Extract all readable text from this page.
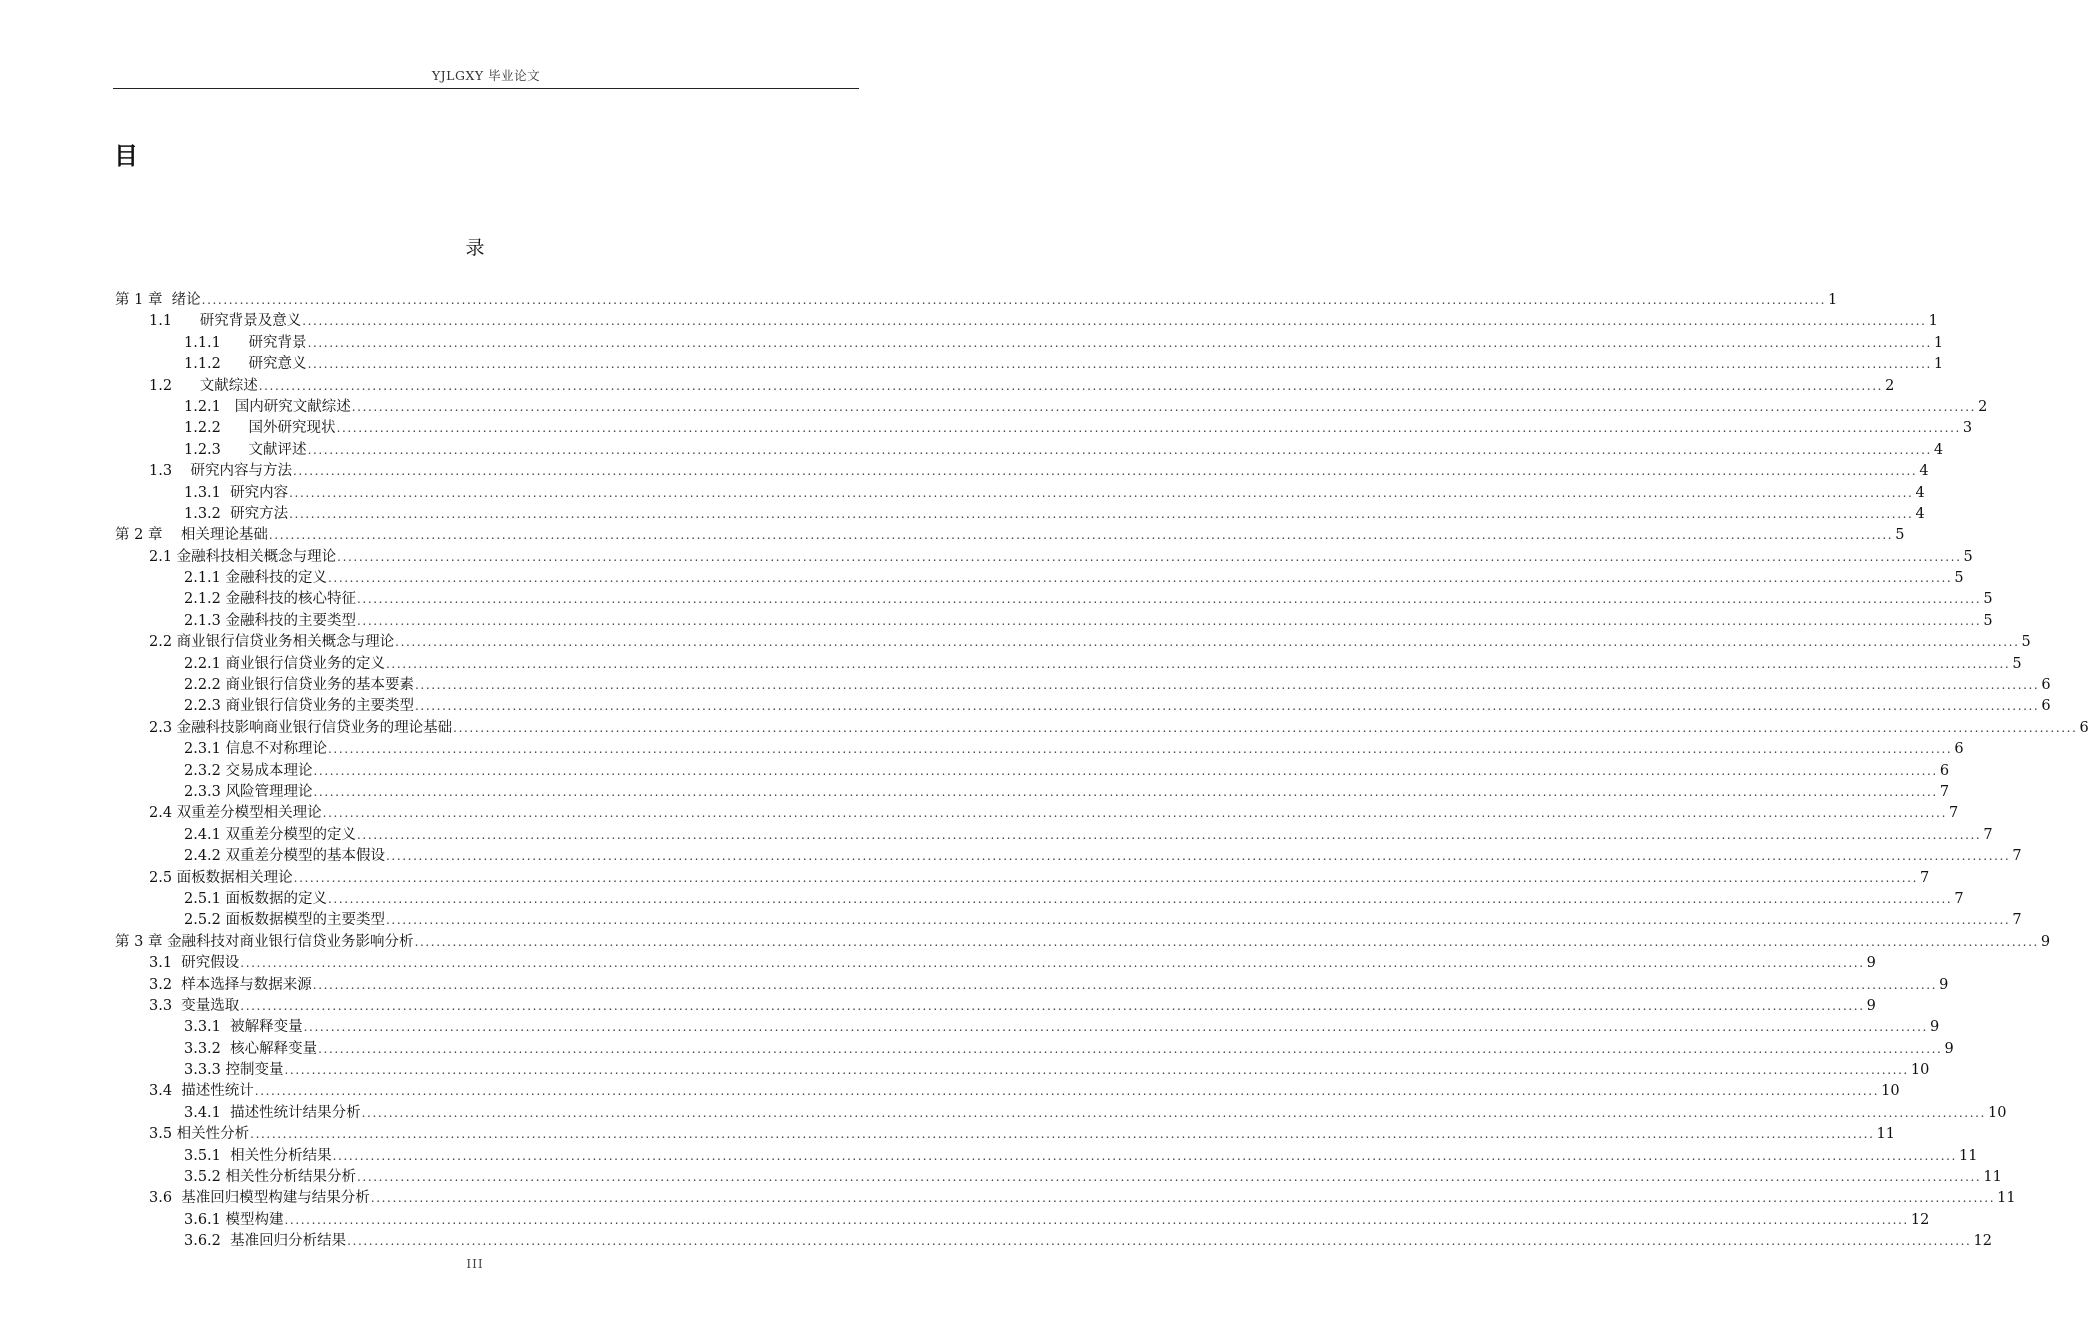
YJLGXY 毕业论文
目
录
第 1 章  绪论 ............................................................................................................................................................................................................................................................................................................ 1
1.1      研究背景及意义 ............................................................................................................................................................................................................................................................................................................ 1
1.1.1      研究背景 ............................................................................................................................................................................................................................................................................................................ 1
1.1.2      研究意义 ............................................................................................................................................................................................................................................................................................................ 1
1.2      文献综述 ............................................................................................................................................................................................................................................................................................................ 2
1.2.1   国内研究文献综述 ............................................................................................................................................................................................................................................................................................................ 2
1.2.2      国外研究现状 ............................................................................................................................................................................................................................................................................................................ 3
1.2.3      文献评述 ............................................................................................................................................................................................................................................................................................................ 4
1.3    研究内容与方法 ............................................................................................................................................................................................................................................................................................................ 4
1.3.1  研究内容 ............................................................................................................................................................................................................................................................................................................ 4
1.3.2  研究方法 ............................................................................................................................................................................................................................................................................................................ 4
第 2 章    相关理论基础 ............................................................................................................................................................................................................................................................................................................ 5
2.1 金融科技相关概念与理论 ............................................................................................................................................................................................................................................................................................................ 5
2.1.1 金融科技的定义 ............................................................................................................................................................................................................................................................................................................ 5
2.1.2 金融科技的核心特征 ............................................................................................................................................................................................................................................................................................................ 5
2.1.3 金融科技的主要类型 ............................................................................................................................................................................................................................................................................................................ 5
2.2 商业银行信贷业务相关概念与理论 ............................................................................................................................................................................................................................................................................................................ 5
2.2.1 商业银行信贷业务的定义 ............................................................................................................................................................................................................................................................................................................ 5
2.2.2 商业银行信贷业务的基本要素 ............................................................................................................................................................................................................................................................................................................ 6
2.2.3 商业银行信贷业务的主要类型 ............................................................................................................................................................................................................................................................................................................ 6
2.3 金融科技影响商业银行信贷业务的理论基础 ............................................................................................................................................................................................................................................................................................................ 6
2.3.1 信息不对称理论 ............................................................................................................................................................................................................................................................................................................ 6
2.3.2 交易成本理论 ............................................................................................................................................................................................................................................................................................................ 6
2.3.3 风险管理理论 ............................................................................................................................................................................................................................................................................................................ 7
2.4 双重差分模型相关理论 ............................................................................................................................................................................................................................................................................................................ 7
2.4.1 双重差分模型的定义 ............................................................................................................................................................................................................................................................................................................ 7
2.4.2 双重差分模型的基本假设 ............................................................................................................................................................................................................................................................................................................ 7
2.5 面板数据相关理论 ............................................................................................................................................................................................................................................................................................................ 7
2.5.1 面板数据的定义 ............................................................................................................................................................................................................................................................................................................ 7
2.5.2 面板数据模型的主要类型 ............................................................................................................................................................................................................................................................................................................ 7
第 3 章 金融科技对商业银行信贷业务影响分析 ............................................................................................................................................................................................................................................................................................................ 9
3.1  研究假设 ............................................................................................................................................................................................................................................................................................................ 9
3.2  样本选择与数据来源 ............................................................................................................................................................................................................................................................................................................ 9
3.3  变量选取 ............................................................................................................................................................................................................................................................................................................ 9
3.3.1  被解释变量 ............................................................................................................................................................................................................................................................................................................ 9
3.3.2  核心解释变量 ............................................................................................................................................................................................................................................................................................................ 9
3.3.3 控制变量 ............................................................................................................................................................................................................................................................................................................ 10
3.4  描述性统计 ............................................................................................................................................................................................................................................................................................................ 10
3.4.1  描述性统计结果分析 ............................................................................................................................................................................................................................................................................................................ 10
3.5 相关性分析 ............................................................................................................................................................................................................................................................................................................ 11
3.5.1  相关性分析结果 ............................................................................................................................................................................................................................................................................................................ 11
3.5.2 相关性分析结果分析 ............................................................................................................................................................................................................................................................................................................ 11
3.6  基准回归模型构建与结果分析 ............................................................................................................................................................................................................................................................................................................ 11
3.6.1 模型构建 ............................................................................................................................................................................................................................................................................................................ 12
3.6.2  基准回归分析结果 ............................................................................................................................................................................................................................................................................................................ 12
III
